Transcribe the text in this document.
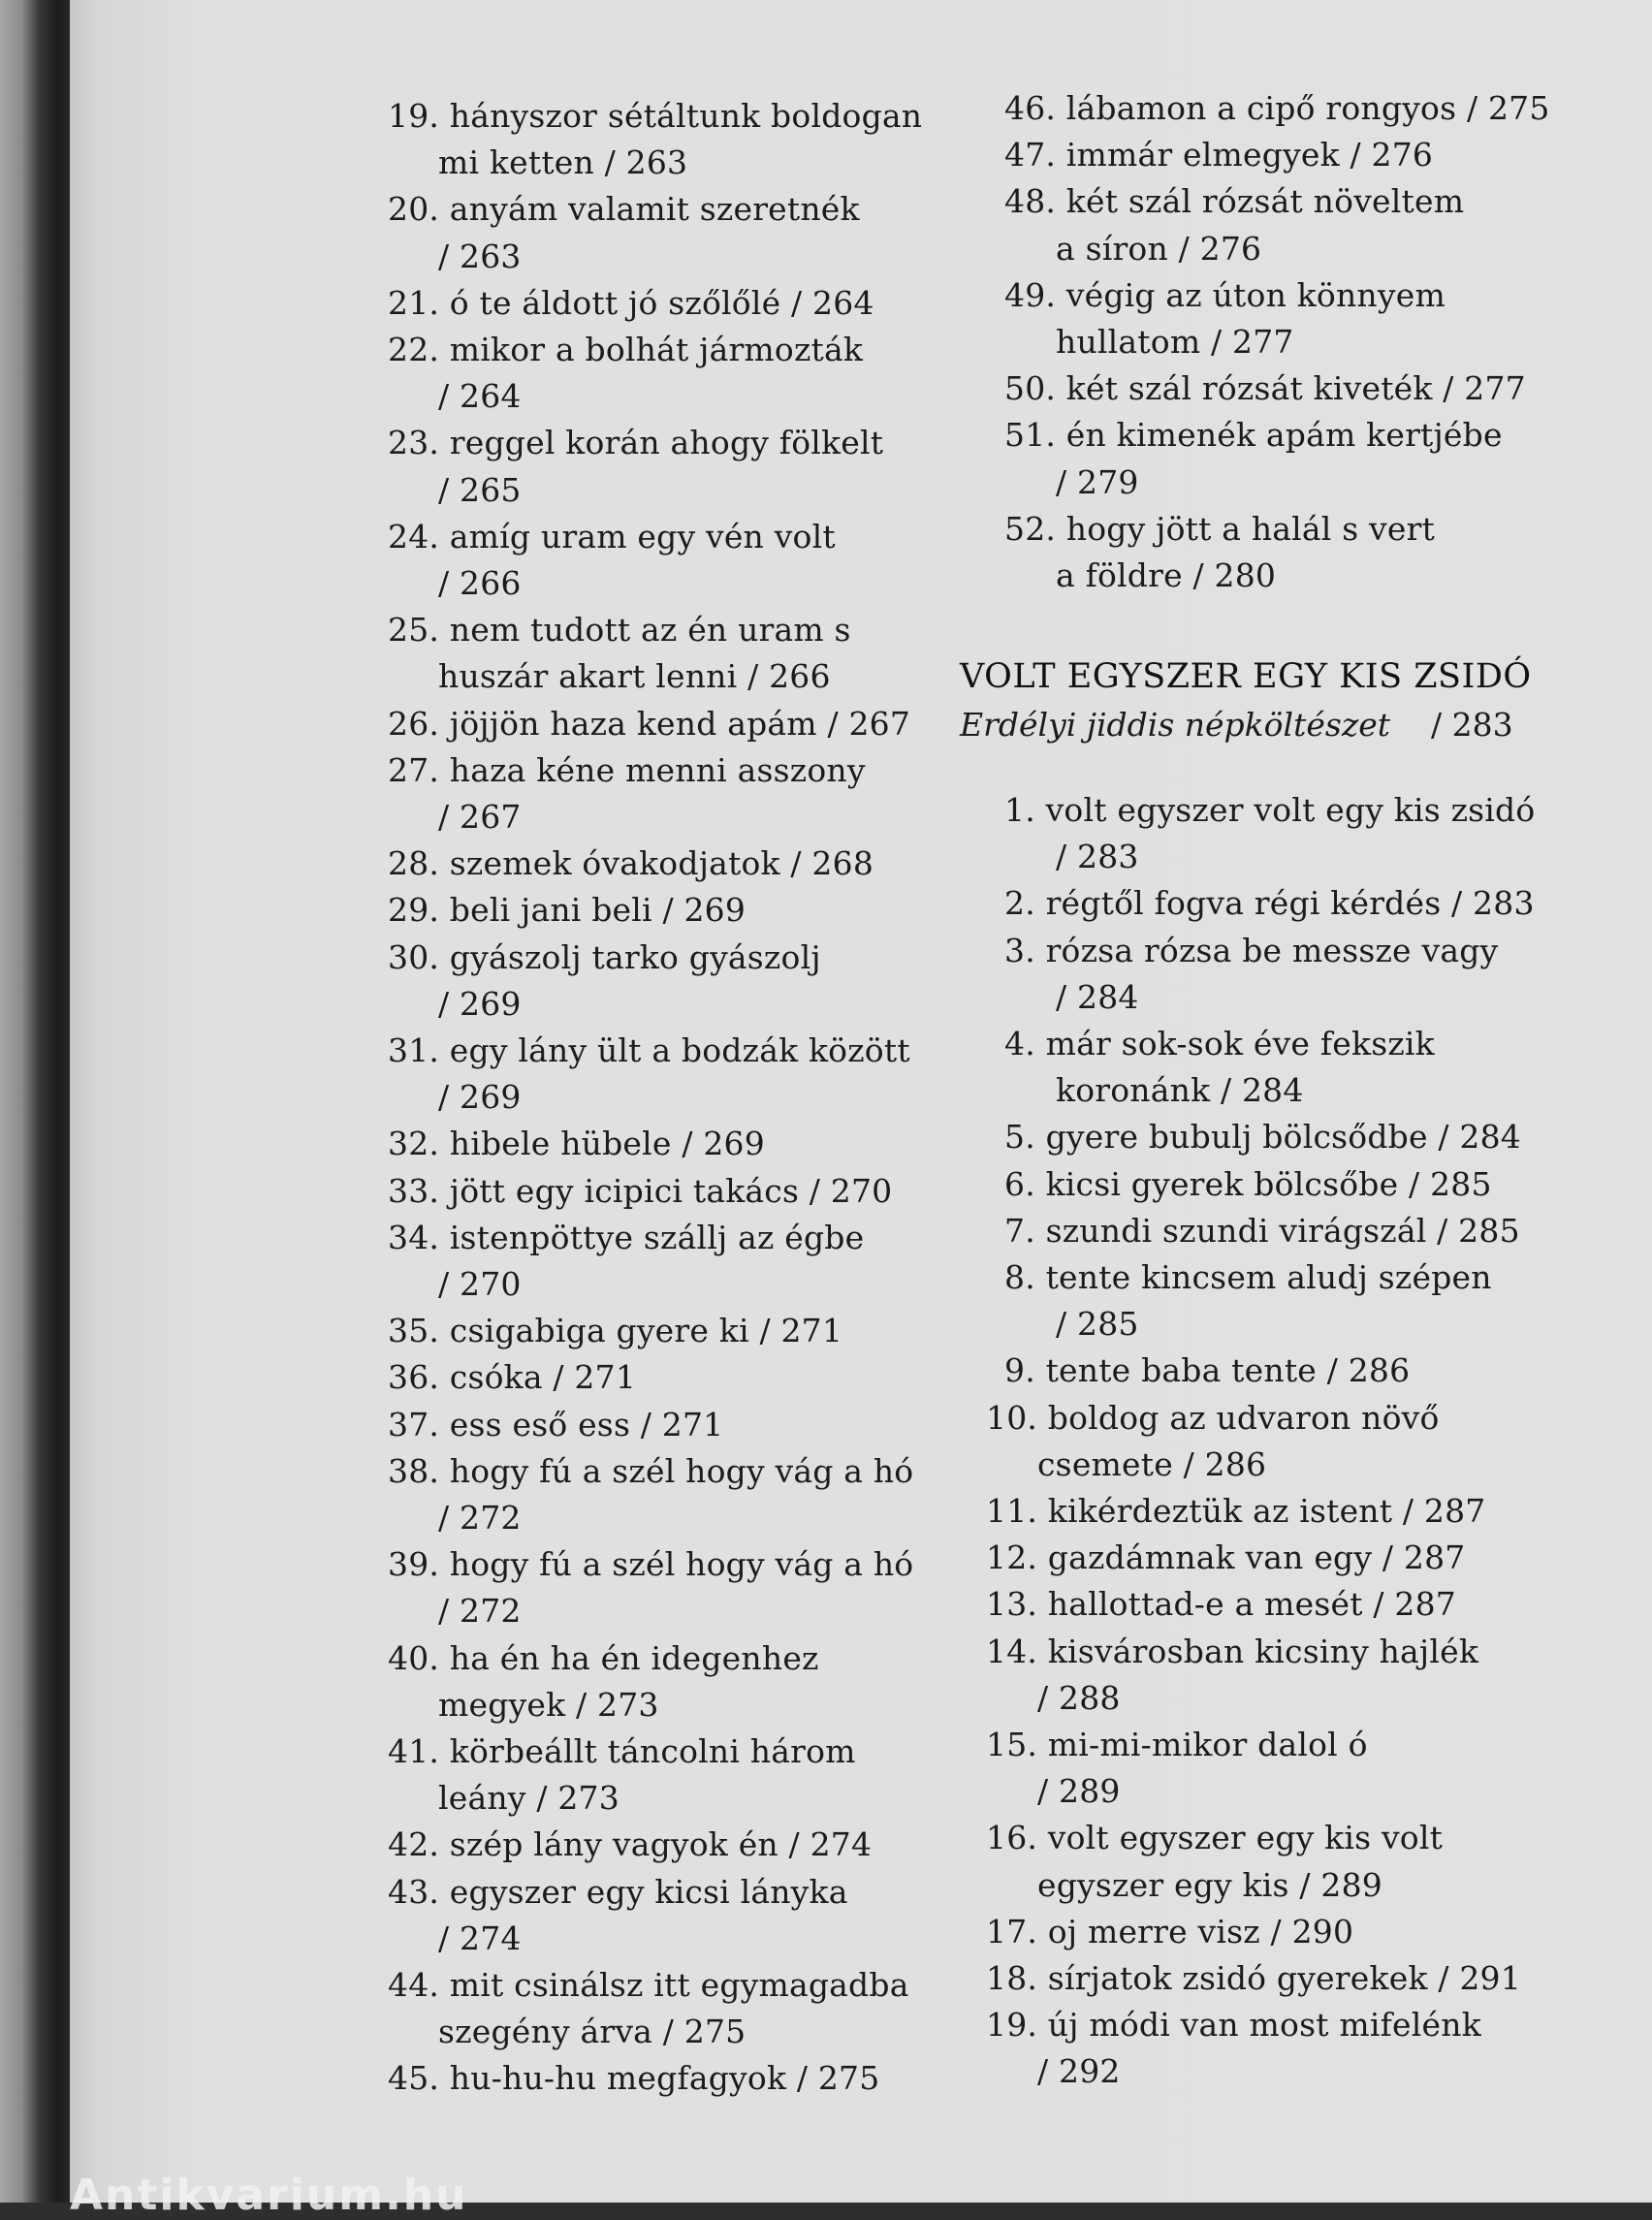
19. hányszor sétáltunk boldogan
mi ketten / 263
20. anyám valamit szeretnék
/ 263
21. ó te áldott jó szőlőlé / 264
22. mikor a bolhát jármozták
/ 264
23. reggel korán ahogy fölkelt
/ 265
24. amíg uram egy vén volt
/ 266
25. nem tudott az én uram s
huszár akart lenni / 266
26. jöjjön haza kend apám / 267
27. haza kéne menni asszony
/ 267
28. szemek óvakodjatok / 268
29. beli jani beli / 269
30. gyászolj tarko gyászolj
/ 269
31. egy lány ült a bodzák között
/ 269
32. hibele hübele / 269
33. jött egy icipici takács / 270
34. istenpöttye szállj az égbe
/ 270
35. csigabiga gyere ki / 271
36. csóka / 271
37. ess eső ess / 271
38. hogy fú a szél hogy vág a hó
/ 272
39. hogy fú a szél hogy vág a hó
/ 272
40. ha én ha én idegenhez
megyek / 273
41. körbeállt táncolni három
leány / 273
42. szép lány vagyok én / 274
43. egyszer egy kicsi lányka
/ 274
44. mit csinálsz itt egymagadba
szegény árva / 275
45. hu-hu-hu megfagyok / 275
46. lábamon a cipő rongyos / 275
47. immár elmegyek / 276
48. két szál rózsát növeltem
a síron / 276
49. végig az úton könnyem
hullatom / 277
50. két szál rózsát kiveték / 277
51. én kimenék apám kertjébe
/ 279
52. hogy jött a halál s vert
a földre / 280
VOLT EGYSZER EGY KIS ZSIDÓ
Erdélyi jiddis népköltészet / 283
1. volt egyszer volt egy kis zsidó
/ 283
2. régtől fogva régi kérdés / 283
3. rózsa rózsa be messze vagy
/ 284
4. már sok-sok éve fekszik
koronánk / 284
5. gyere bubulj bölcsődbe / 284
6. kicsi gyerek bölcsőbe / 285
7. szundi szundi virágszál / 285
8. tente kincsem aludj szépen
/ 285
9. tente baba tente / 286
10. boldog az udvaron növő
csemete / 286
11. kikérdeztük az istent / 287
12. gazdámnak van egy / 287
13. hallottad-e a mesét / 287
14. kisvárosban kicsiny hajlék
/ 288
15. mi-mi-mikor dalol ó
/ 289
16. volt egyszer egy kis volt
egyszer egy kis / 289
17. oj merre visz / 290
18. sírjatok zsidó gyerekek / 291
19. új módi van most mifelénk
/ 292
Antikvarium.hu
